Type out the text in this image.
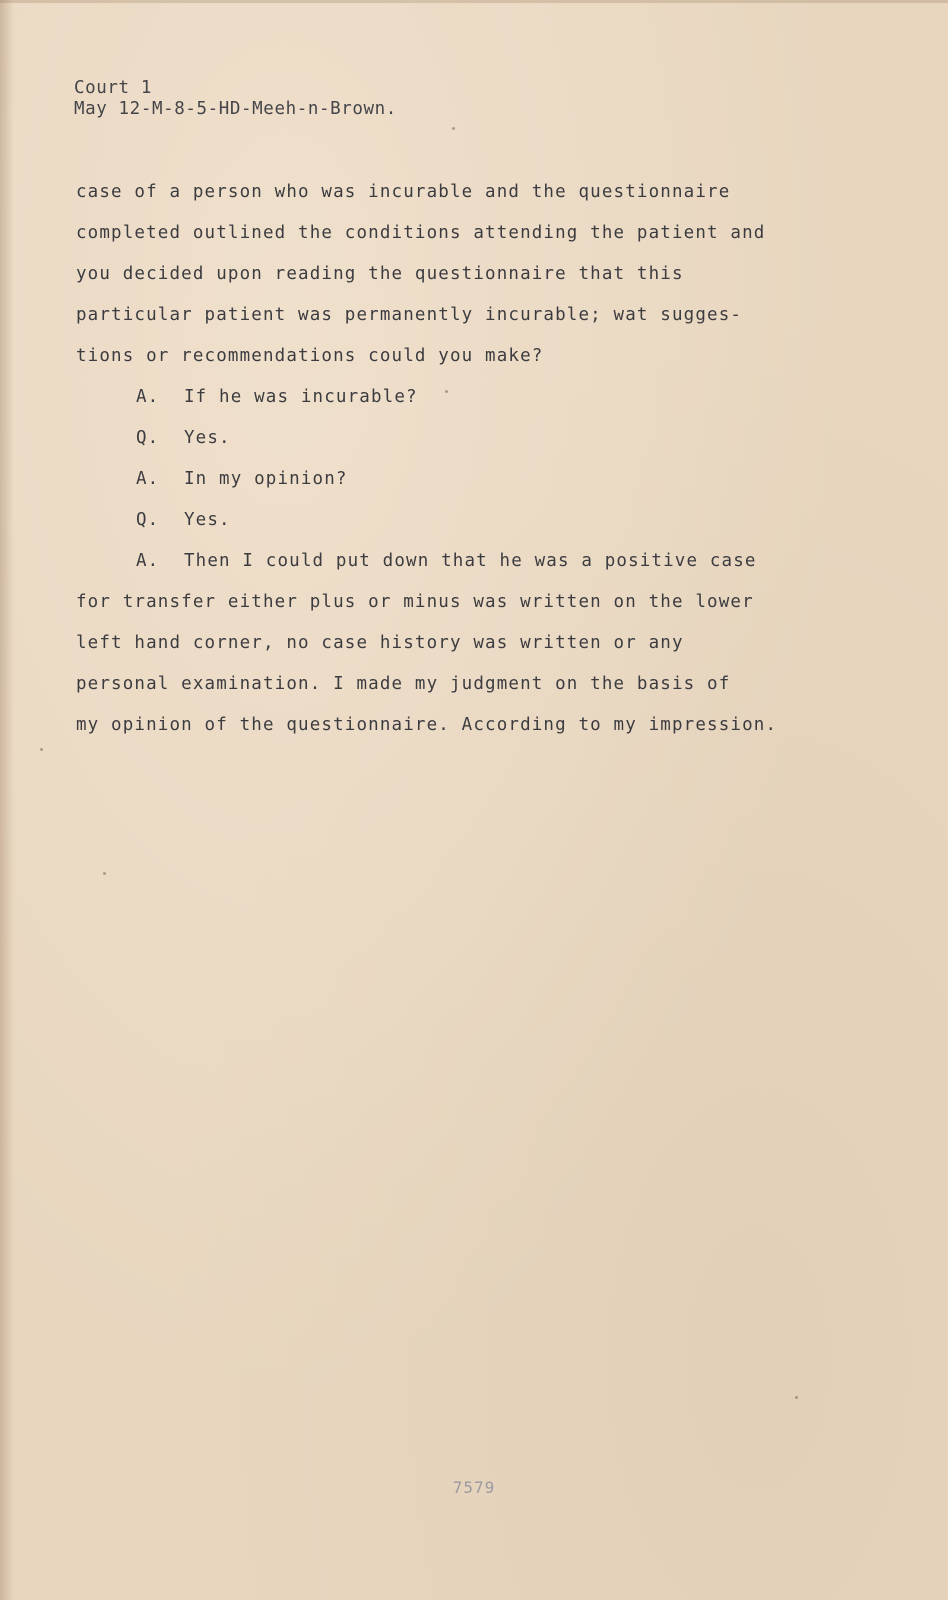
Court 1
May 12-M-8-5-HD-Meeh-n-Brown.
case of a person who was incurable and the questionnaire
completed outlined the conditions attending the patient and
you decided upon reading the questionnaire that this
particular patient was permanently incurable; wat sugges-
tions or recommendations could you make?
A. If he was incurable?
Q. Yes.
A. In my opinion?
Q. Yes.
A. Then I could put down that he was a positive case
for transfer either plus or minus was written on the lower
left hand corner, no case history was written or any
personal examination. I made my judgment on the basis of
my opinion of the questionnaire. According to my impression.
7579
